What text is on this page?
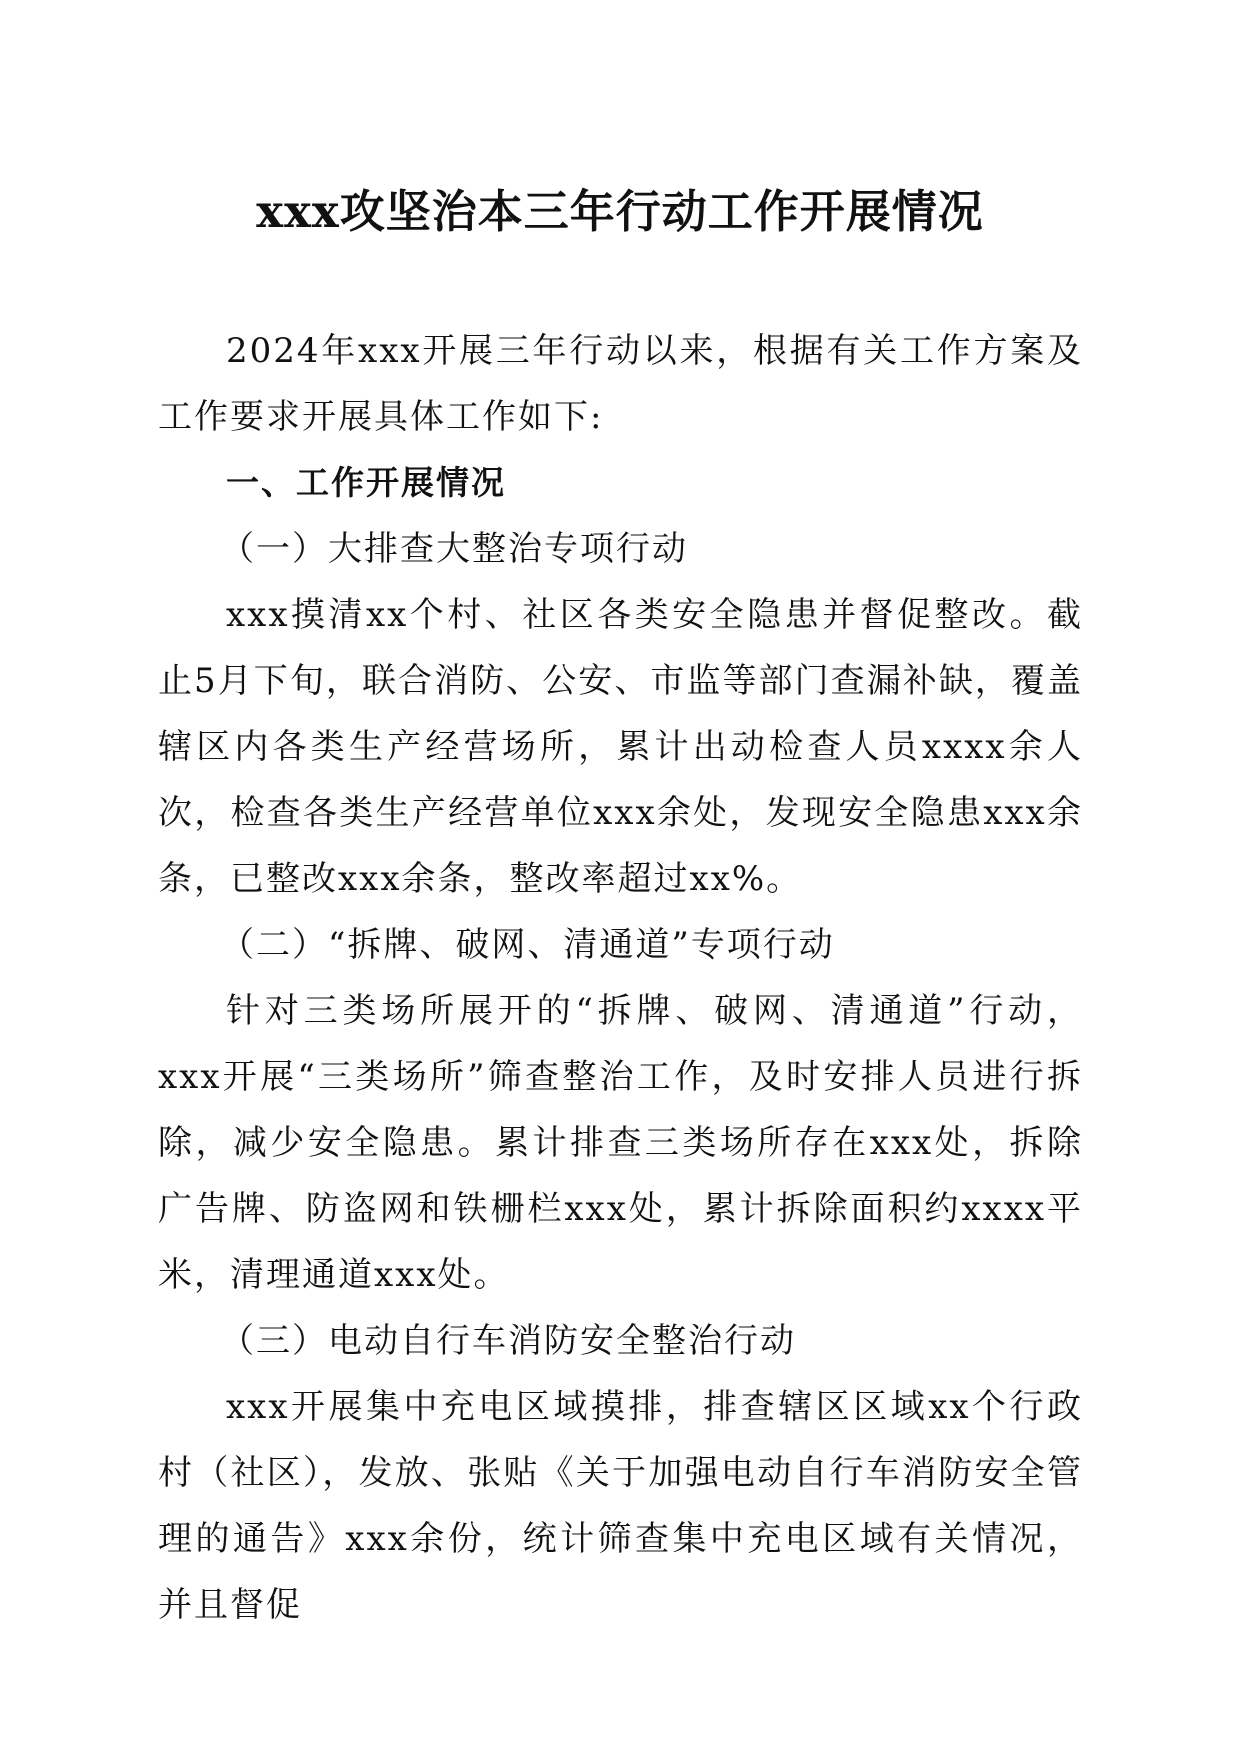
xxx攻坚治本三年行动工作开展情况

2024年xxx开展三年行动以来，根据有关工作方案及工作要求开展具体工作如下:

一、工作开展情况

（一）大排查大整治专项行动

xxx摸清xx个村、社区各类安全隐患并督促整改。截止5月下旬，联合消防、公安、市监等部门查漏补缺，覆盖辖区内各类生产经营场所，累计出动检查人员xxxx余人次，检查各类生产经营单位xxx余处，发现安全隐患xxx余条，已整改xxx余条，整改率超过xx%。

（二）“拆牌、破网、清通道”专项行动

针对三类场所展开的“拆牌、破网、清通道”行动，xxx开展“三类场所”筛查整治工作，及时安排人员进行拆除，减少安全隐患。累计排查三类场所存在xxx处，拆除广告牌、防盗网和铁栅栏xxx处，累计拆除面积约xxxx平米，清理通道xxx处。

（三）电动自行车消防安全整治行动

xxx开展集中充电区域摸排，排查辖区区域xx个行政村（社区），发放、张贴《关于加强电动自行车消防安全管理的通告》xxx余份，统计筛查集中充电区域有关情况，并且督促
